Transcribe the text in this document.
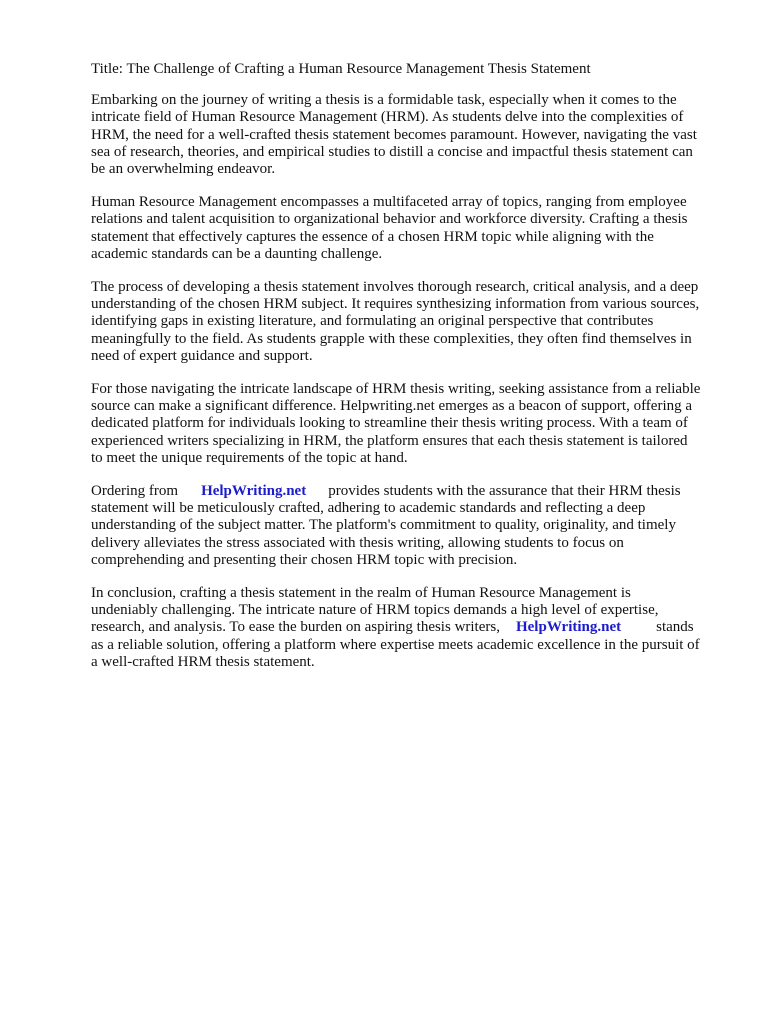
Title: The Challenge of Crafting a Human Resource Management Thesis Statement
Embarking on the journey of writing a thesis is a formidable task, especially when it comes to the
intricate field of Human Resource Management (HRM). As students delve into the complexities of
HRM, the need for a well-crafted thesis statement becomes paramount. However, navigating the vast
sea of research, theories, and empirical studies to distill a concise and impactful thesis statement can
be an overwhelming endeavor.
Human Resource Management encompasses a multifaceted array of topics, ranging from employee
relations and talent acquisition to organizational behavior and workforce diversity. Crafting a thesis
statement that effectively captures the essence of a chosen HRM topic while aligning with the
academic standards can be a daunting challenge.
The process of developing a thesis statement involves thorough research, critical analysis, and a deep
understanding of the chosen HRM subject. It requires synthesizing information from various sources,
identifying gaps in existing literature, and formulating an original perspective that contributes
meaningfully to the field. As students grapple with these complexities, they often find themselves in
need of expert guidance and support.
For those navigating the intricate landscape of HRM thesis writing, seeking assistance from a reliable
source can make a significant difference. Helpwriting.net emerges as a beacon of support, offering a
dedicated platform for individuals looking to streamline their thesis writing process. With a team of
experienced writers specializing in HRM, the platform ensures that each thesis statement is tailored
to meet the unique requirements of the topic at hand.
Ordering from HelpWriting.net provides students with the assurance that their HRM thesis
statement will be meticulously crafted, adhering to academic standards and reflecting a deep
understanding of the subject matter. The platform's commitment to quality, originality, and timely
delivery alleviates the stress associated with thesis writing, allowing students to focus on
comprehending and presenting their chosen HRM topic with precision.
In conclusion, crafting a thesis statement in the realm of Human Resource Management is
undeniably challenging. The intricate nature of HRM topics demands a high level of expertise,
research, and analysis. To ease the burden on aspiring thesis writers, HelpWriting.net stands
as a reliable solution, offering a platform where expertise meets academic excellence in the pursuit of
a well-crafted HRM thesis statement.
